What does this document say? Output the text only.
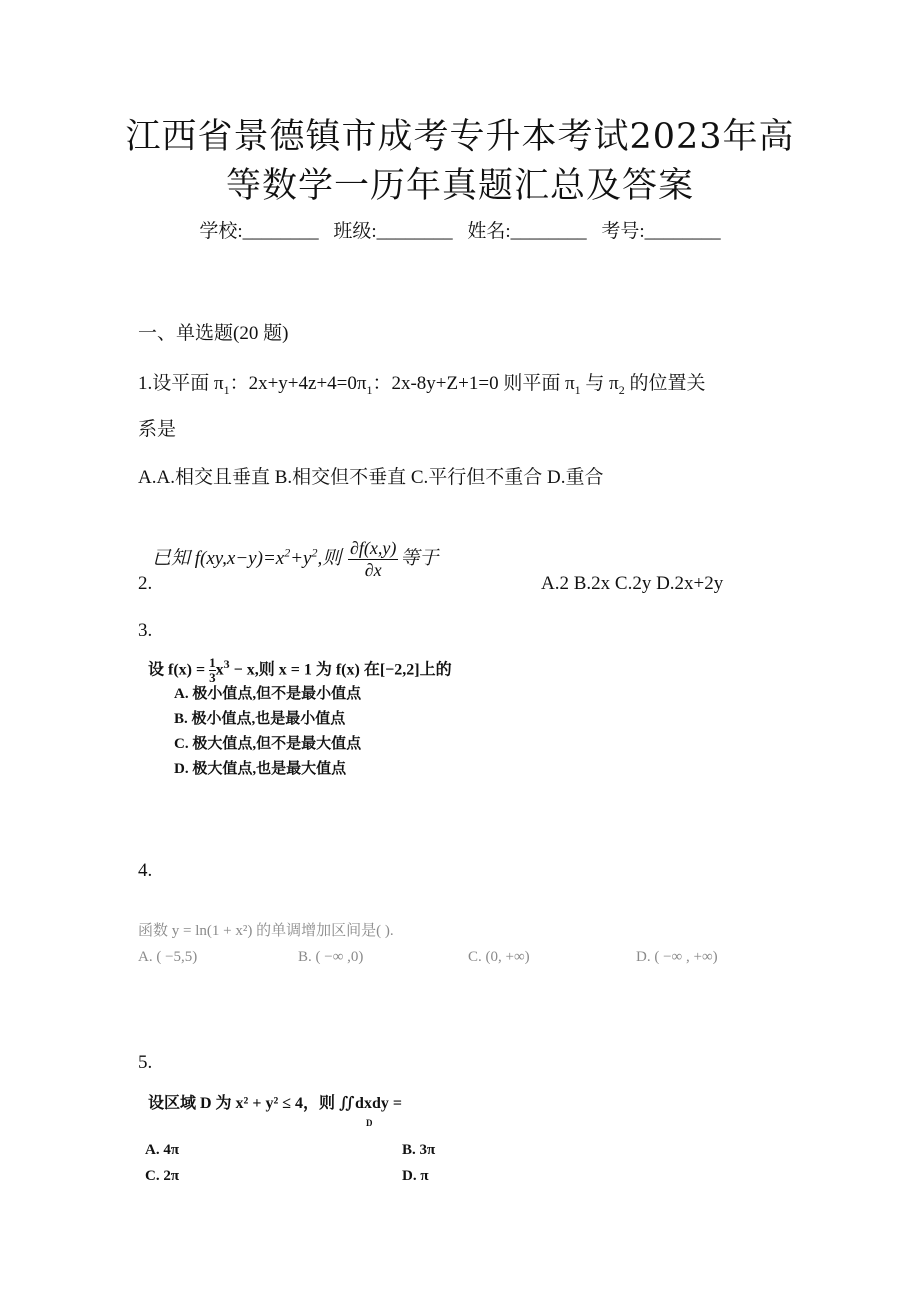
江西省景德镇市成考专升本考试2023年高
等数学一历年真题汇总及答案
学校:________ 班级:________ 姓名:________ 考号:________
一、单选题(20 题)
1.设平面 $\pi_1$：$2x+y+4z+4=0\pi_1$：2x-8y+Z+1=0 则平面 $\pi_1$ 与 $\pi_2$ 的位置关
系是
A.A.相交且垂直 B.相交但不垂直 C.平行但不重合 D.重合
2.
已知 $f(xy,x-y)=x^2+y^2$,则 $\frac{\partial f(x,y)}{\partial x}$ 等于
A.2 B.2x C.2y D.2x+2y
3.
设 $f(x) = \frac{1}{3} x^3 - x$,则 x = 1 为 f(x) 在[−2,2]上的
A. 极小值点,但不是最小值点
B. 极小值点,也是最小值点
C. 极大值点,但不是最大值点
D. 极大值点,也是最大值点
4.
函数 y = ln(1 + x²) 的单调增加区间是( ).
A. ( −5,5)	B. ( −∞ ,0)	C. (0, +∞)	D. ( −∞ , +∞)
5.
设区域 D 为 x² + y² ≤ 4，则 ∬dxdy =
D
A. 4π	B. 3π
C. 2π	D. π
